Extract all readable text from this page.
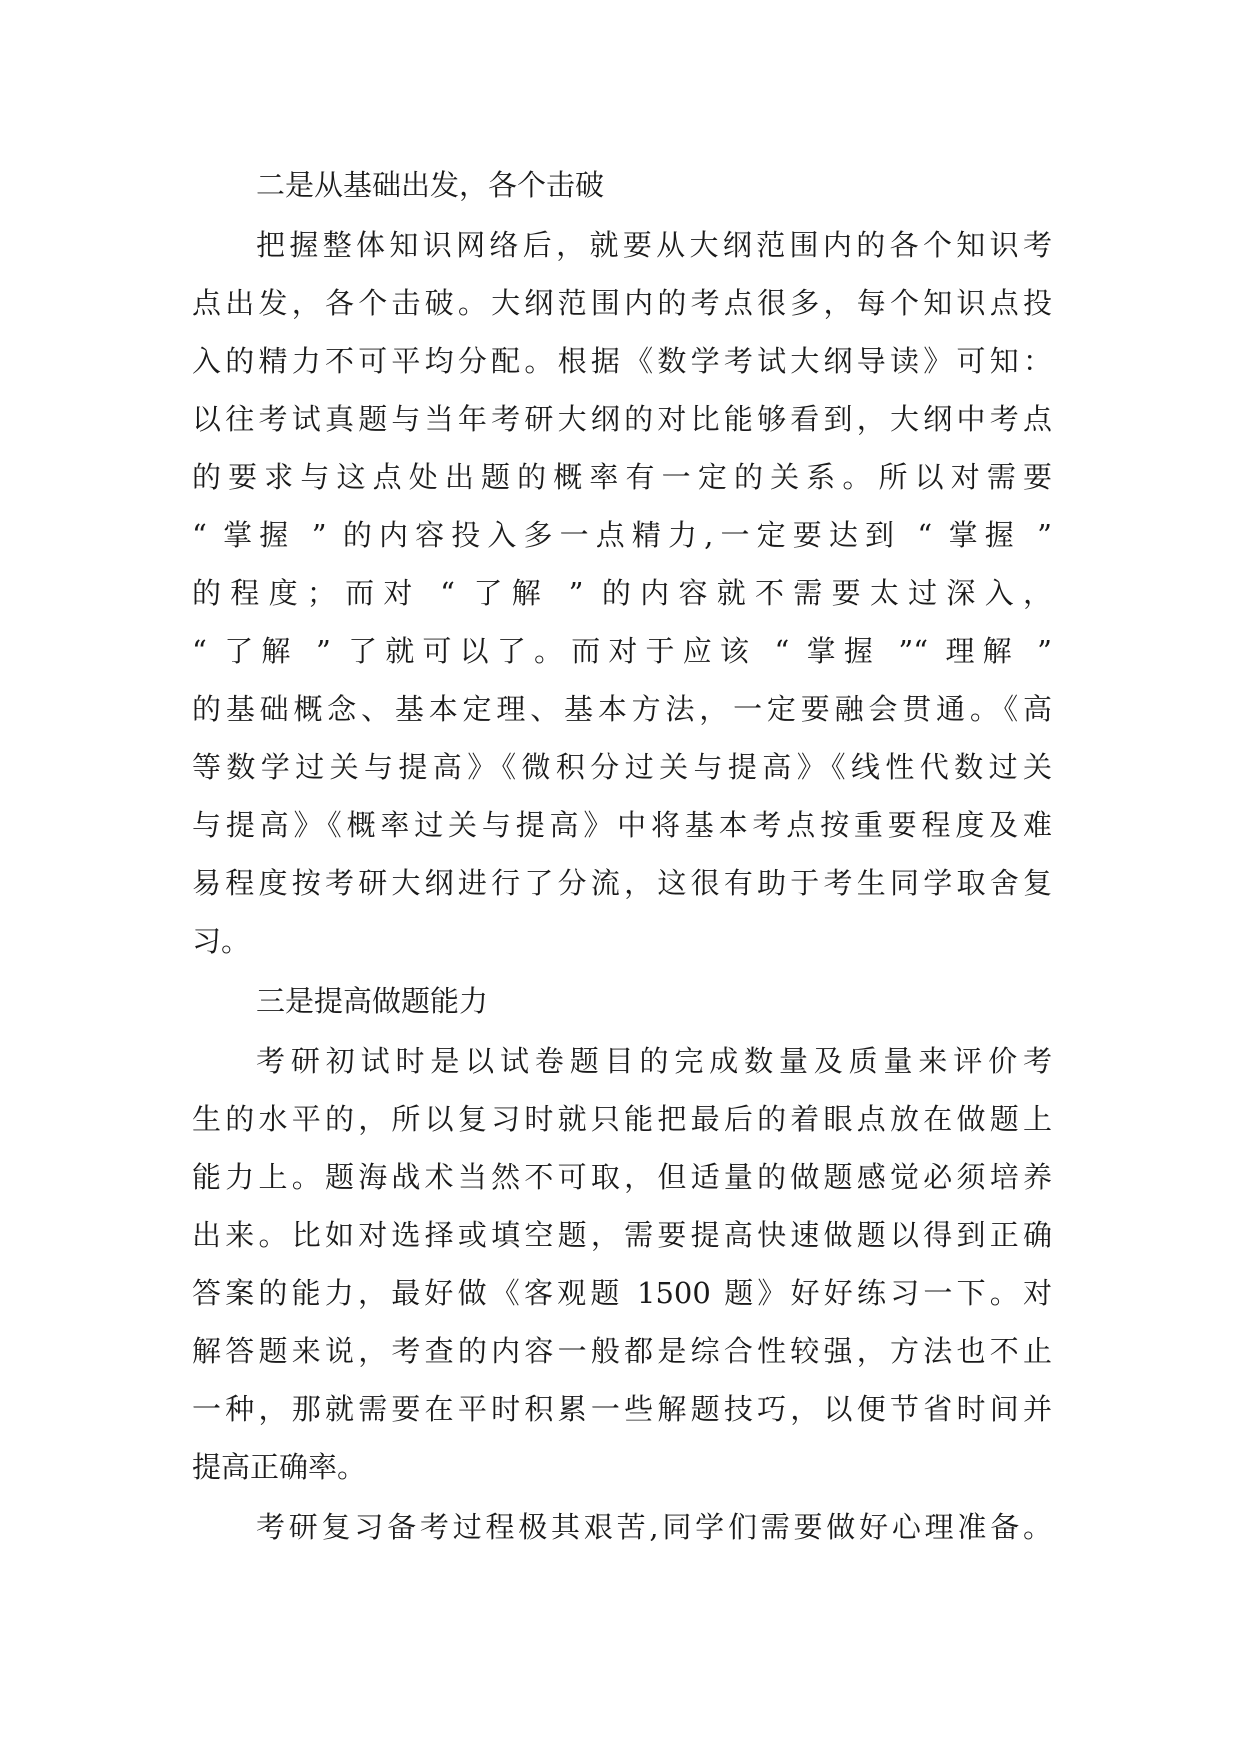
二是从基础出发，各个击破
把握整体知识网络后，就要从大纲范围内的各个知识考
点出发，各个击破。大纲范围内的考点很多，每个知识点投
入的精力不可平均分配。根据《数学考试大纲导读》可知：
以往考试真题与当年考研大纲的对比能够看到，大纲中考点
的要求与这点处出题的概率有一定的关系。所以对需要
“ 掌握 ” 的内容投入多一点精力,一定要达到 “ 掌握 ”
的程度；而对 “ 了解 ” 的内容就不需要太过深入，
“ 了解 ” 了就可以了。而对于应该 “ 掌握 ”“ 理解 ”
的基础概念、基本定理、基本方法，一定要融会贯通。《高
等数学过关与提高》《微积分过关与提高》《线性代数过关
与提高》《概率过关与提高》中将基本考点按重要程度及难
易程度按考研大纲进行了分流，这很有助于考生同学取舍复
习。
三是提高做题能力
考研初试时是以试卷题目的完成数量及质量来评价考
生的水平的，所以复习时就只能把最后的着眼点放在做题上
能力上。题海战术当然不可取，但适量的做题感觉必须培养
出来。比如对选择或填空题，需要提高快速做题以得到正确
答案的能力，最好做《客观题 1500 题》好好练习一下。对
解答题来说，考查的内容一般都是综合性较强，方法也不止
一种，那就需要在平时积累一些解题技巧，以便节省时间并
提高正确率。
考研复习备考过程极其艰苦,同学们需要做好心理准备。
